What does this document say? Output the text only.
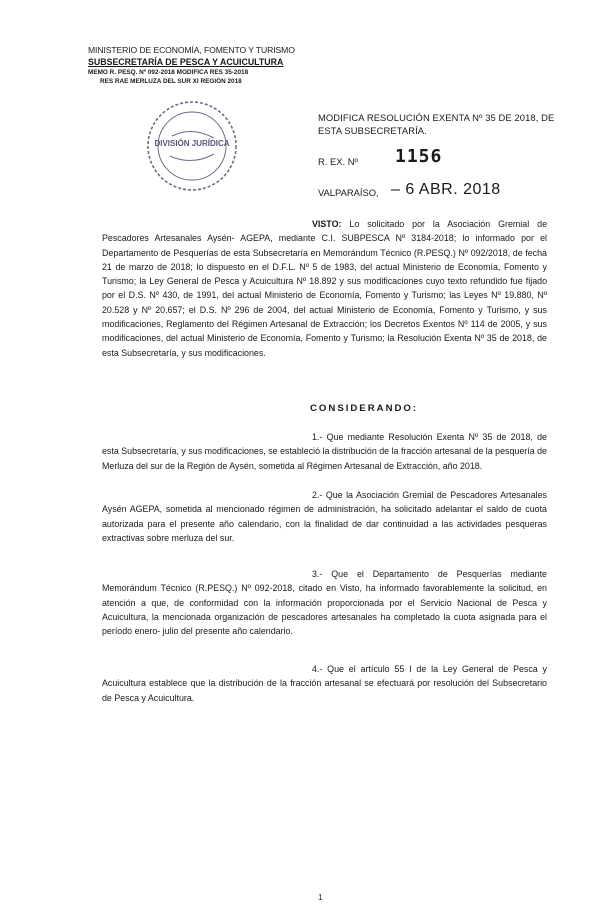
MINISTERIO DE ECONOMÍA, FOMENTO Y TURISMO
SUBSECRETARÍA DE PESCA Y ACUICULTURA
MEMO R. PESQ. Nº 092-2018 MODIFICA RES 35-2018
RES RAE MERLUZA DEL SUR XI REGIÓN 2018
DIVISIÓN JURÍDICA
MODIFICA RESOLUCIÓN EXENTA Nº 35 DE 2018, DE ESTA SUBSECRETARÍA.
R. EX. Nº 1156
VALPARAÍSO, – 6 ABR. 2018
VISTO: Lo solicitado por la Asociación Gremial de Pescadores Artesanales Aysén- AGEPA, mediante C.I. SUBPESCA Nº 3184-2018; lo informado por el Departamento de Pesquerías de esta Subsecretaría en Memorándum Técnico (R.PESQ.) Nº 092/2018, de fecha 21 de marzo de 2018; lo dispuesto en el D.F.L. Nº 5 de 1983, del actual Ministerio de Economía, Fomento y Turismo; la Ley General de Pesca y Acuicultura Nº 18.892 y sus modificaciones cuyo texto refundido fue fijado por el D.S. Nº 430, de 1991, del actual Ministerio de Economía, Fomento y Turismo; las Leyes Nº 19.880, Nº 20.528 y Nº 20.657; el D.S. Nº 296 de 2004, del actual Ministerio de Economía, Fomento y Turismo, y sus modificaciones, Reglamento del Régimen Artesanal de Extracción; los Decretos Exentos Nº 114 de 2005, y sus modificaciones, del actual Ministerio de Economía, Fomento y Turismo; la Resolución Exenta Nº 35 de 2018, de esta Subsecretaría, y sus modificaciones.
CONSIDERANDO:
1.- Que mediante Resolución Exenta Nº 35 de 2018, de esta Subsecretaría, y sus modificaciones, se estableció la distribución de la fracción artesanal de la pesquería de Merluza del sur de la Región de Aysén, sometida al Régimen Artesanal de Extracción, año 2018.
2.- Que la Asociación Gremial de Pescadores Artesanales Aysén AGEPA, sometida al mencionado régimen de administración, ha solicitado adelantar el saldo de cuota autorizada para el presente año calendario, con la finalidad de dar continuidad a las actividades pesqueras extractivas sobre merluza del sur.
3.- Que el Departamento de Pesquerías mediante Memorándum Técnico (R.PESQ.) Nº 092-2018, citado en Visto, ha informado favorablemente la solicitud, en atención a que, de conformidad con la información proporcionada por el Servicio Nacional de Pesca y Acuicultura, la mencionada organización de pescadores artesanales ha completado la cuota asignada para el período enero- julio del presente año calendario.
4.- Que el artículo 55 I de la Ley General de Pesca y Acuicultura establece que la distribución de la fracción artesanal se efectuará por resolución del Subsecretario de Pesca y Acuicultura.
1
